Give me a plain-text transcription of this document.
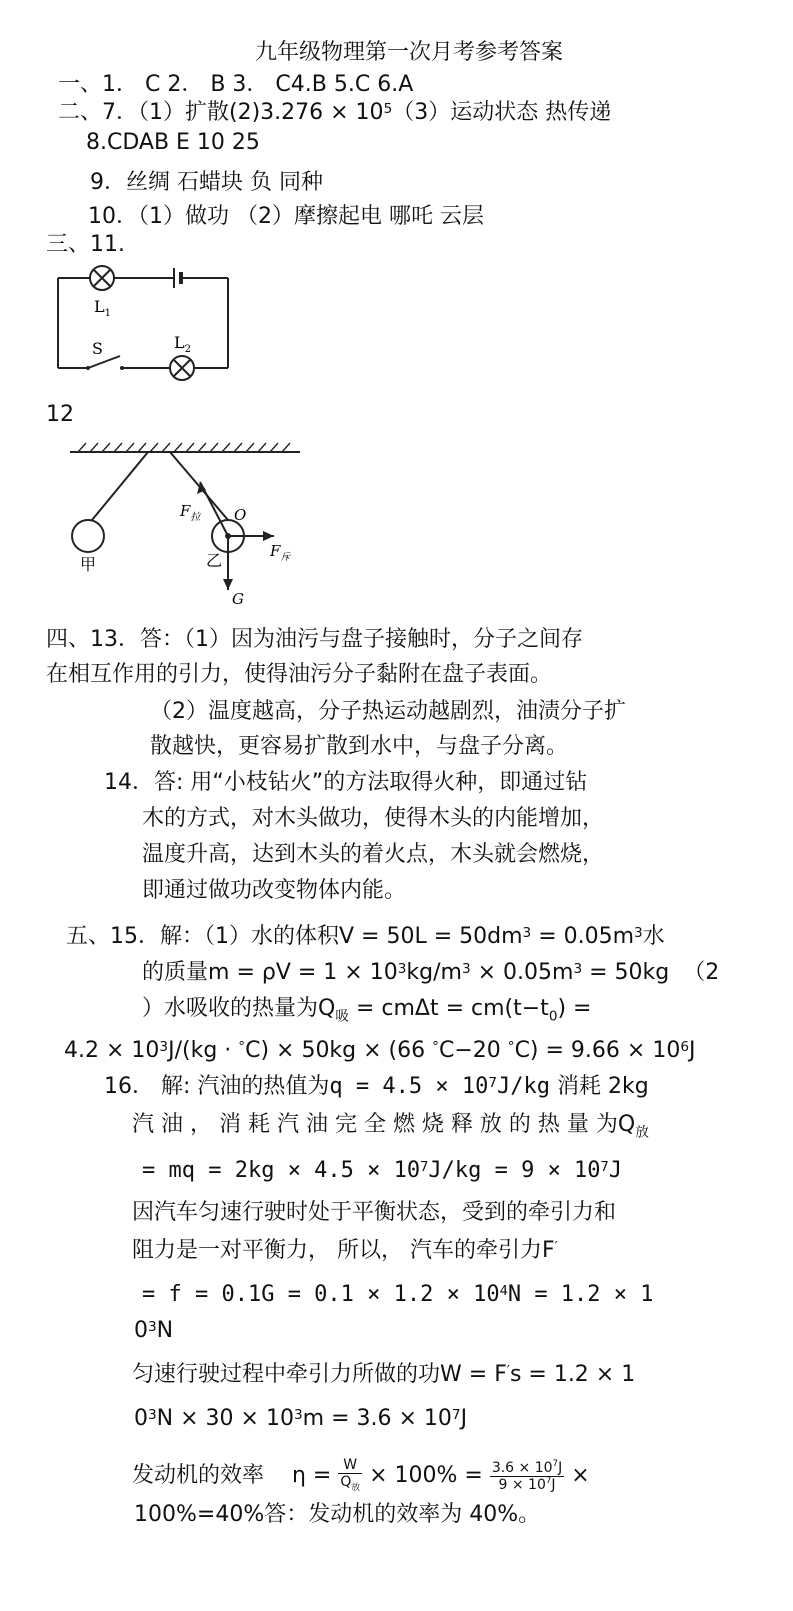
九年级物理第一次月考参考答案
一、1． C 2． B 3． C4.B 5.C 6.A
二、7．（1）扩散$(2)3.276 \times 10^5(3)$运动状态 热传递
8.CDAB E 10 25
9．丝绸 石蜡块 负 同种
10．（1）做功 （2）摩擦起电 哪吒 云层
三、11.
$L_1$
$L_2$
S
12
$F_拉$ O
$F_斥$
G
甲	乙
四、13．答：（1）因为油污与盘子接触时，分子之间存
在相互作用的引力，使得油污分子黏附在盘子表面。
（2）温度越高，分子热运动越剧烈，油渍分子扩
散越快，更容易扩散到水中，与盘子分离。
14．答: 用“小枝钻火”的方法取得火种，即通过钻
木的方式，对木头做功，使得木头的内能增加，
温度升高，达到木头的着火点，木头就会燃烧，
即通过做功改变物体内能。
五、15．解：（1）水的体积$V = 50L = 50dm^3 = 0.05m^3$水
的质量$m = \rho V = 1 \times 10^3kg/m^3 \times 0.05m^3 = 50kg$ （2
）水吸收的热量为$Q_吸 = cm\Delta t = cm(t-t_0)$ =
$4.2 \times 10^3J/(kg \cdot ^\circ C) \times 50kg \times (66$ °C−20 $^\circ C) = 9.66 \times 10^6J$
16． 解: 汽油的热值为$q = 4.5 \times 10^7J/kg$ 消耗 2kg
汽 油 ， 消 耗 汽 油 完 全 燃 烧 释 放 的 热 量 为$Q_放$
= mq = $2kg \times 4.5 \times 10^7J/kg = 9 \times 10^7J$
因汽车匀速行驶时处于平衡状态，受到的牵引力和
阻力是一对平衡力， 所以， 汽车的牵引力F′
= $f = 0.1G = 0.1 \times 1.2 \times 10^4N = 1.2 \times 1$
$0^3N$
匀速行驶过程中牵引力所做的功W = F′s = 1.2 × 1
$0^3N \times 30 \times 10^3m = 3.6 \times 10^7J$
发动机的效率 $\eta = \frac{W}{Q_放} \times 100\% = \frac{3.6 \times 10^7J}{9 \times 10^7J}$ ×
100%=40%答：发动机的效率为 40%。
